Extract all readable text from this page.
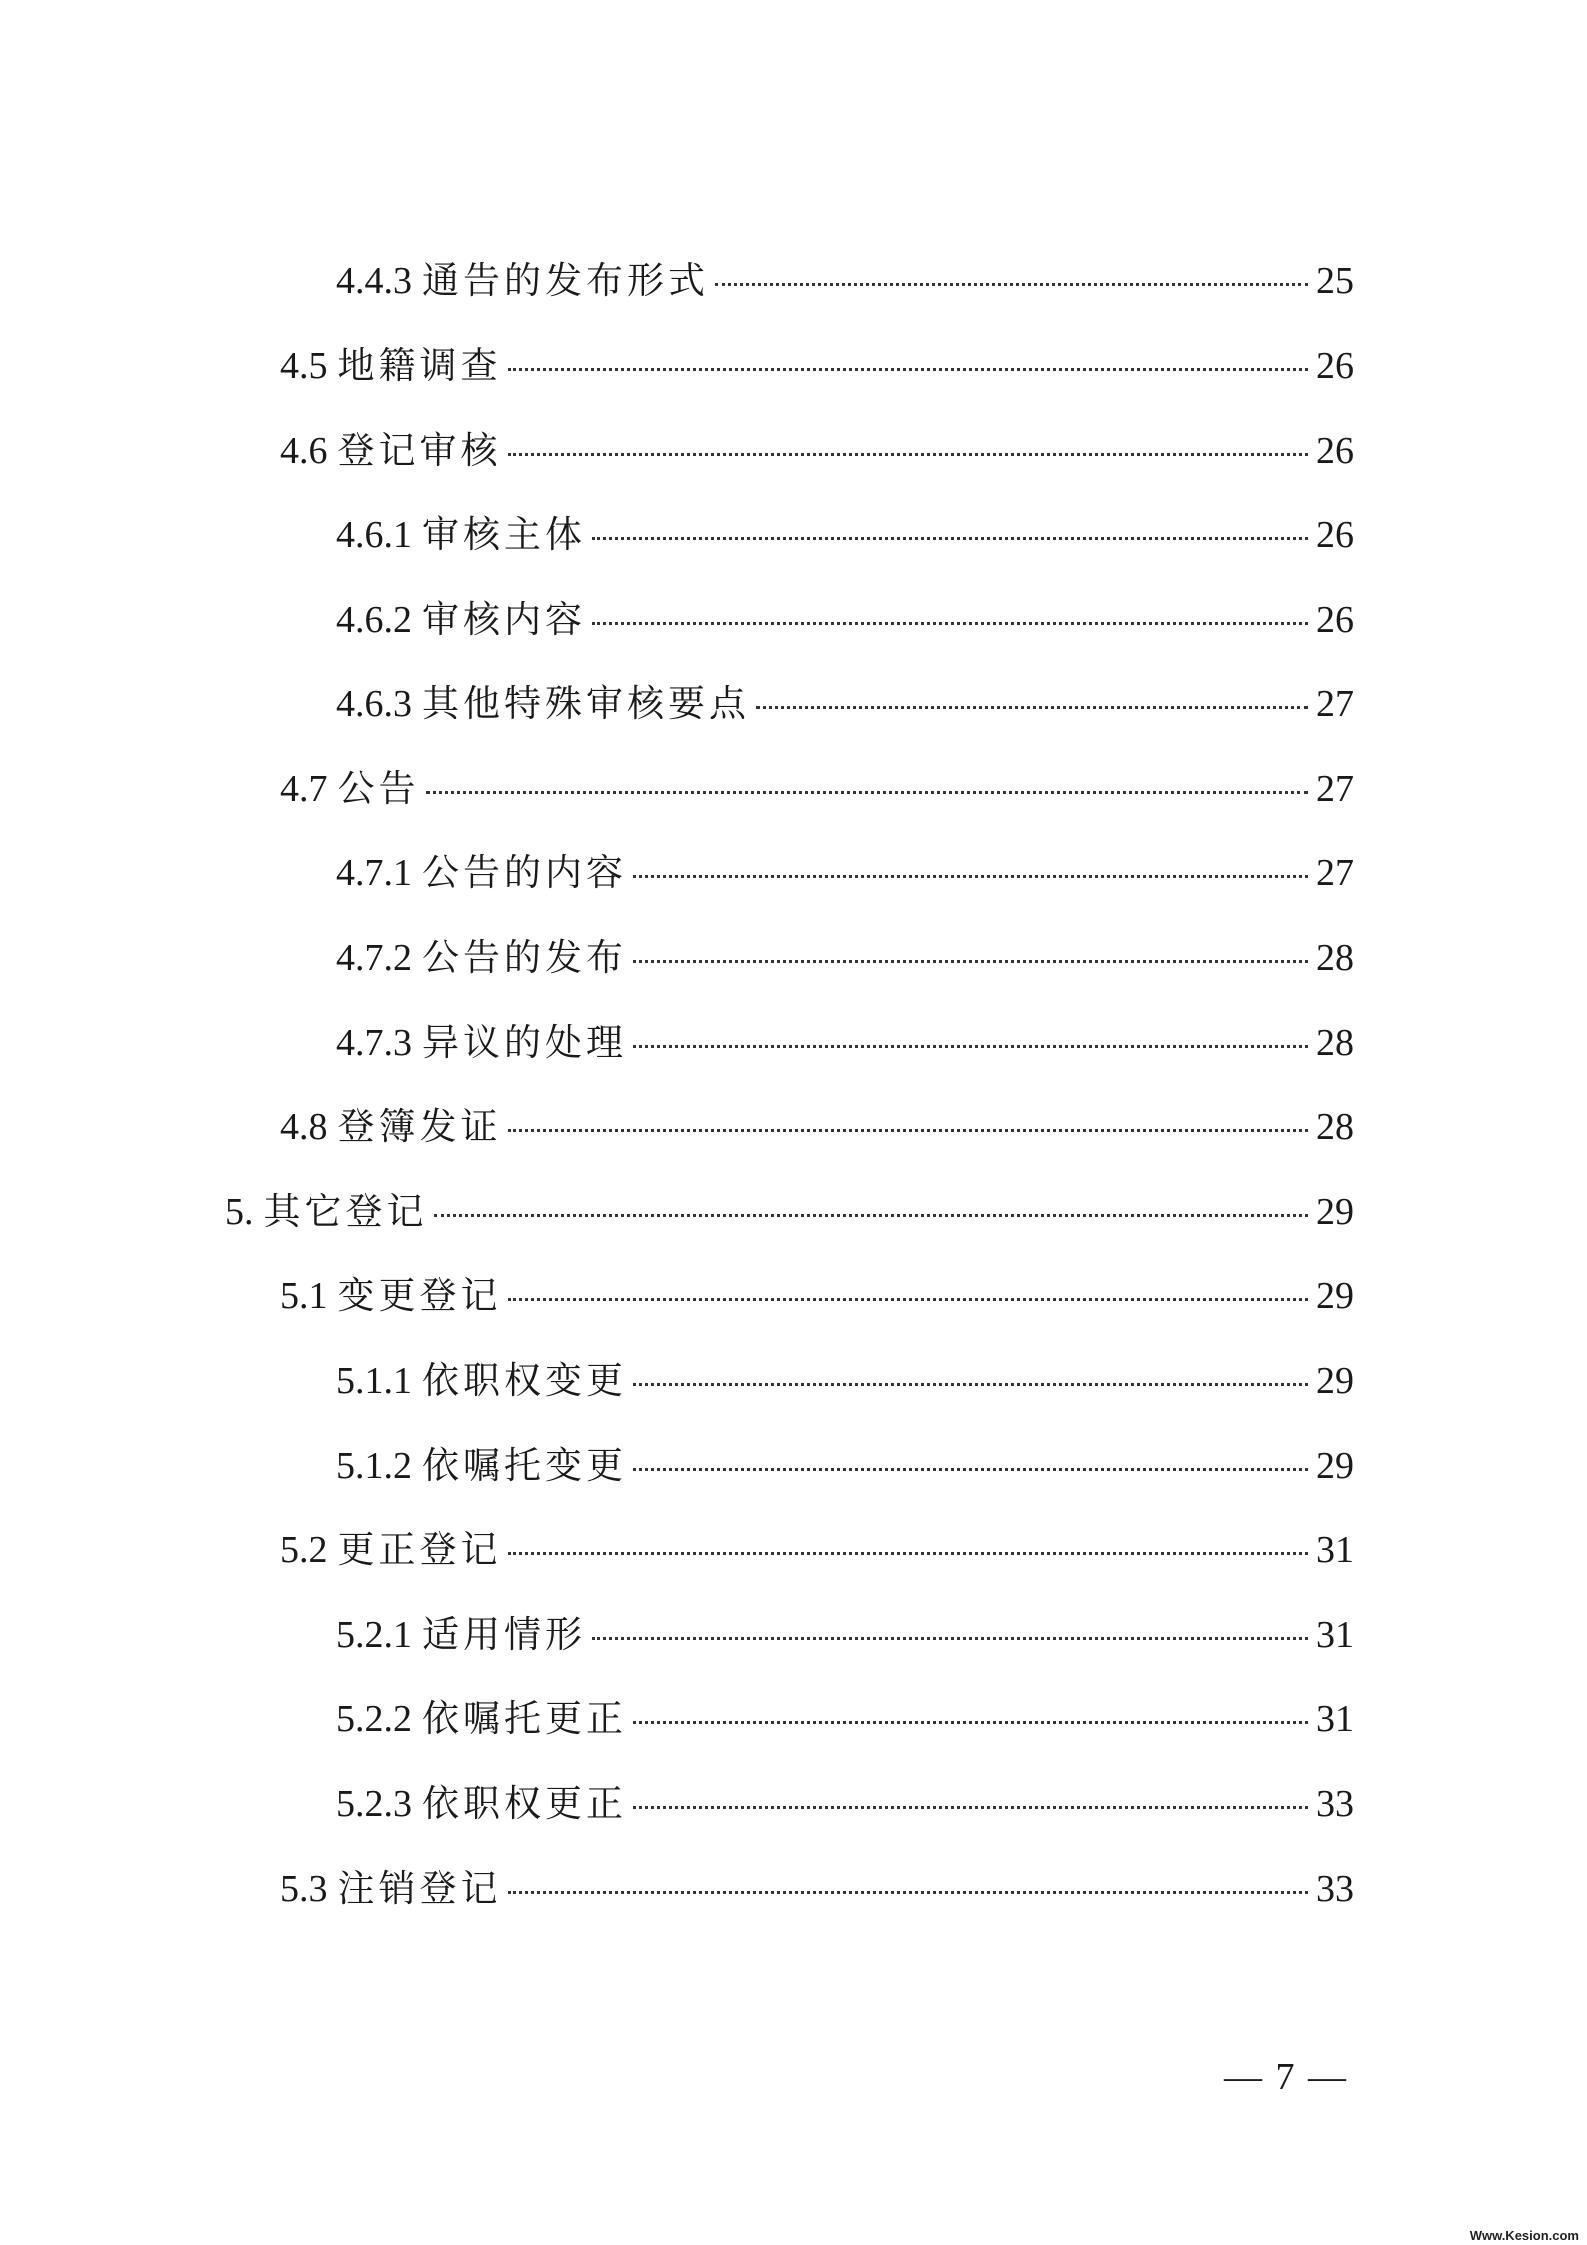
4.4.3 通告的发布形式	25
4.5 地籍调查	26
4.6 登记审核	26
4.6.1 审核主体	26
4.6.2 审核内容	26
4.6.3 其他特殊审核要点	27
4.7 公告	27
4.7.1 公告的内容	27
4.7.2 公告的发布	28
4.7.3 异议的处理	28
4.8 登簿发证	28
5. 其它登记	29
5.1 变更登记	29
5.1.1 依职权变更	29
5.1.2 依嘱托变更	29
5.2 更正登记	31
5.2.1 适用情形	31
5.2.2 依嘱托更正	31
5.2.3 依职权更正	33
5.3 注销登记	33
— 7 —
Www.Kesion.com
